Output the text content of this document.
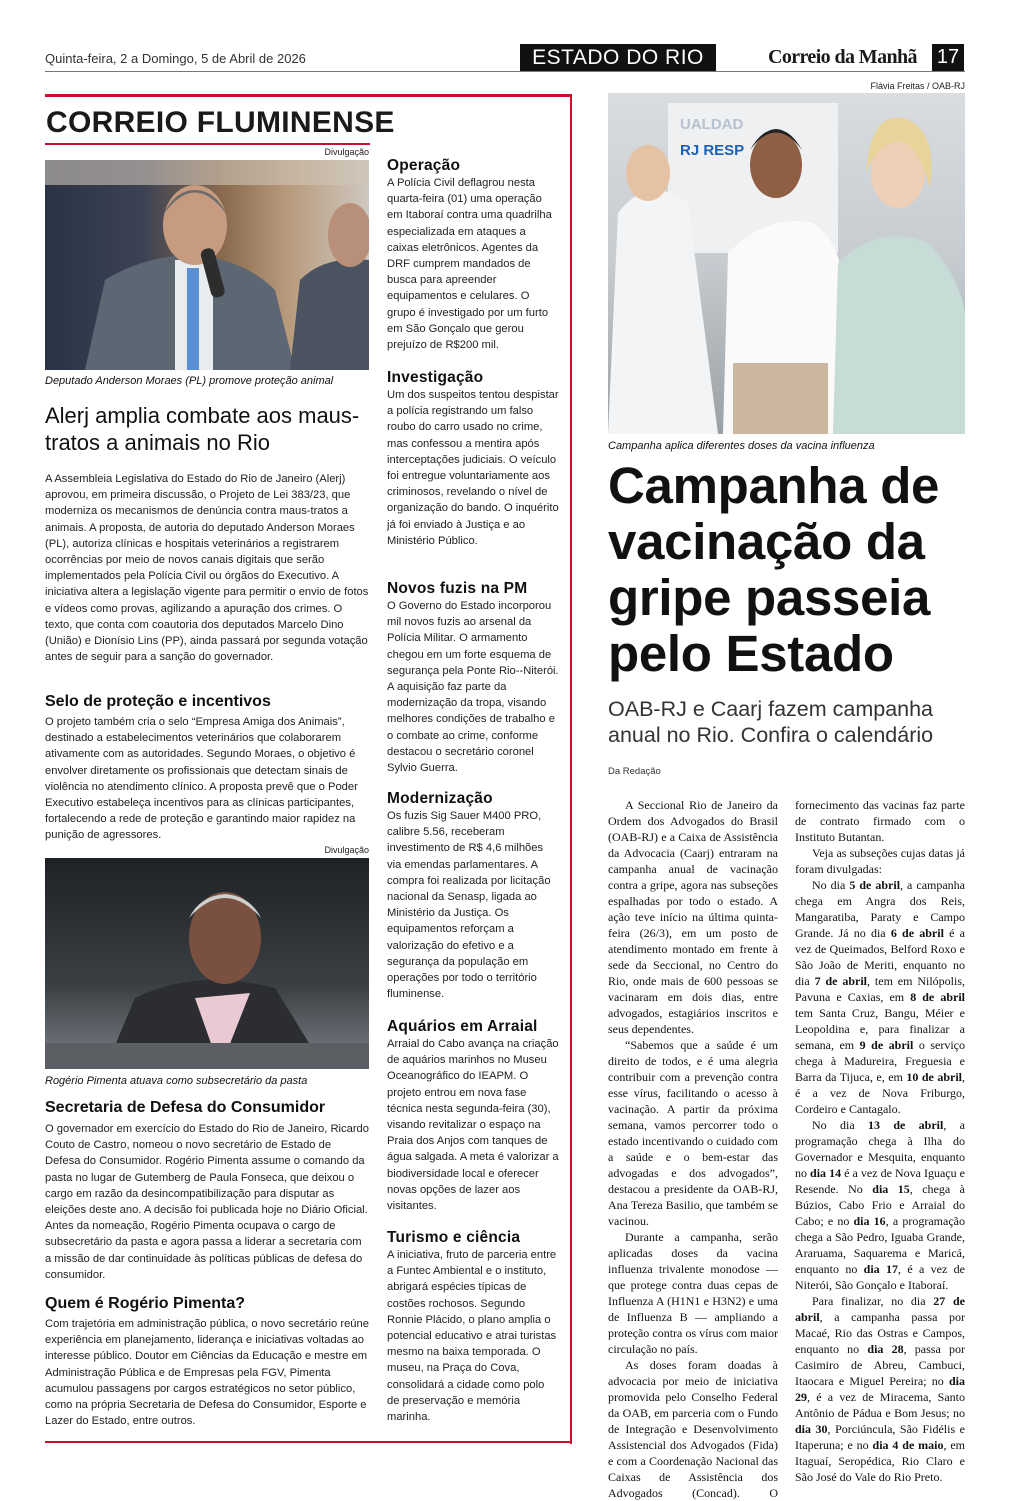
Quinta-feira, 2 a Domingo, 5 de Abril de 2026	ESTADO DO RIO	Correio da Manhã 17
CORREIO FLUMINENSE
Divulgação
Deputado Anderson Moraes (PL) promove proteção animal
Alerj amplia combate aos maus-tratos a animais no Rio

A Assembleia Legislativa do Estado do Rio de Janeiro (Alerj) aprovou, em primeira discussão, o Projeto de Lei 383/23, que moderniza os mecanismos de denúncia contra maus-tratos a animais. A proposta, de autoria do deputado Anderson Moraes (PL), autoriza clínicas e hospitais veterinários a registrarem ocorrências por meio de novos canais digitais que serão implementados pela Polícia Civil ou órgãos do Executivo. A iniciativa altera a legislação vigente para permitir o envio de fotos e vídeos como provas, agilizando a apuração dos crimes. O texto, que conta com coautoria dos deputados Marcelo Dino (União) e Dionísio Lins (PP), ainda passará por segunda votação antes de seguir para a sanção do governador.

Selo de proteção e incentivos

O projeto também cria o selo “Empresa Amiga dos Animais”, destinado a estabelecimentos veterinários que colaborarem ativamente com as autoridades. Segundo Moraes, o objetivo é envolver diretamente os profissionais que detectam sinais de violência no atendimento clínico. A proposta prevê que o Poder Executivo estabeleça incentivos para as clínicas participantes, fortalecendo a rede de proteção e garantindo maior rapidez na punição de agressores.

Divulgação
Rogério Pimenta atuava como subsecretário da pasta
Secretaria de Defesa do Consumidor

O governador em exercício do Estado do Rio de Janeiro, Ricardo Couto de Castro, nomeou o novo secretário de Estado de Defesa do Consumidor. Rogério Pimenta assume o comando da pasta no lugar de Gutemberg de Paula Fonseca, que deixou o cargo em razão da desincompatibilização para disputar as eleições deste ano. A decisão foi publicada hoje no Diário Oficial. Antes da nomeação, Rogério Pimenta ocupava o cargo de subsecretário da pasta e agora passa a liderar a secretaria com a missão de dar continuidade às políticas públicas de defesa do consumidor.

Quem é Rogério Pimenta?

Com trajetória em administração pública, o novo secretário reúne experiência em planejamento, liderança e iniciativas voltadas ao interesse público. Doutor em Ciências da Educação e mestre em Administração Pública e de Empresas pela FGV, Pimenta acumulou passagens por cargos estratégicos no setor público, como na própria Secretaria de Defesa do Consumidor, Esporte e Lazer do Estado, entre outros.

Operação

A Polícia Civil deflagrou nesta quarta-feira (01) uma operação em Itaboraí contra uma quadrilha especializada em ataques a caixas eletrônicos. Agentes da DRF cumprem mandados de busca para apreender equipamentos e celulares. O grupo é investigado por um furto em São Gonçalo que gerou prejuízo de R$200 mil.

Investigação

Um dos suspeitos tentou despistar a polícia registrando um falso roubo do carro usado no crime, mas confessou a mentira após interceptações judiciais. O veículo foi entregue voluntariamente aos criminosos, revelando o nível de organização do bando. O inquérito já foi enviado à Justiça e ao Ministério Público.

Novos fuzis na PM

O Governo do Estado incorporou mil novos fuzis ao arsenal da Polícia Militar. O armamento chegou em um forte esquema de segurança pela Ponte Rio--Niterói. A aquisição faz parte da modernização da tropa, visando melhores condições de trabalho e o combate ao crime, conforme destacou o secretário coronel Sylvio Guerra.

Modernização

Os fuzis Sig Sauer M400 PRO, calibre 5.56, receberam investimento de R$ 4,6 milhões via emendas parlamentares. A compra foi realizada por licitação nacional da Senasp, ligada ao Ministério da Justiça. Os equipamentos reforçam a valorização do efetivo e a segurança da população em operações por todo o território fluminense.

Aquários em Arraial

Arraial do Cabo avança na criação de aquários marinhos no Museu Oceanográfico do IEAPM. O projeto entrou em nova fase técnica nesta segunda-feira (30), visando revitalizar o espaço na Praia dos Anjos com tanques de água salgada. A meta é valorizar a biodiversidade local e oferecer novas opções de lazer aos visitantes.

Turismo e ciência

A iniciativa, fruto de parceria entre a Funtec Ambiental e o instituto, abrigará espécies típicas de costões rochosos. Segundo Ronnie Plácido, o plano amplia o potencial educativo e atrai turistas mesmo na baixa temporada. O museu, na Praça do Cova, consolidará a cidade como polo de preservação e memória marinha.

Flávia Freitas / OAB-RJ
UALDAD
RJ RESP
Campanha aplica diferentes doses da vacina influenza
Campanha de
vacinação da
gripe passeia
pelo Estado
OAB-RJ e Caarj fazem campanha
anual no Rio. Confira o calendário
Da Redação

A Seccional Rio de Janeiro da Ordem dos Advogados do Brasil (OAB-RJ) e a Caixa de Assistência da Advocacia (Caarj) entraram na campanha anual de vacinação contra a gripe, agora nas subseções espalhadas por todo o estado. A ação teve início na última quinta-feira (26/3), em um posto de atendimento montado em frente à sede da Seccional, no Centro do Rio, onde mais de 600 pessoas se vacinaram em dois dias, entre advogados, estagiários inscritos e seus dependentes.

“Sabemos que a saúde é um direito de todos, e é uma alegria contribuir com a prevenção contra esse vírus, facilitando o acesso à vacinação. A partir da próxima semana, vamos percorrer todo o estado incentivando o cuidado com a saúde e o bem-estar das advogadas e dos advogados”, destacou a presidente da OAB-RJ, Ana Tereza Basilio, que também se vacinou.

Durante a campanha, serão aplicadas doses da vacina influenza trivalente monodose — que protege contra duas cepas de Influenza A (H1N1 e H3N2) e uma de Influenza B — ampliando a proteção contra os vírus com maior circulação no país.

As doses foram doadas à advocacia por meio de iniciativa promovida pelo Conselho Federal da OAB, em parceria com o Fundo de Integração e Desenvolvimento Assistencial dos Advogados (Fida) e com a Coordenação Nacional das Caixas de Assistência dos Advogados (Concad). O fornecimento das vacinas faz parte de contrato firmado com o Instituto Butantan.

Veja as subseções cujas datas já foram divulgadas:

No dia 5 de abril, a campanha chega em Angra dos Reis, Mangaratiba, Paraty e Campo Grande. Já no dia 6 de abril é a vez de Queimados, Belford Roxo e São João de Meriti, enquanto no dia 7 de abril, tem em Nilópolis, Pavuna e Caxias, em 8 de abril tem Santa Cruz, Bangu, Méier e Leopoldina e, para finalizar a semana, em 9 de abril o serviço chega à Madureira, Freguesia e Barra da Tijuca, e, em 10 de abril, é a vez de Nova Friburgo, Cordeiro e Cantagalo.

No dia 13 de abril, a programação chega à Ilha do Governador e Mesquita, enquanto no dia 14 é a vez de Nova Iguaçu e Resende. No dia 15, chega à Búzios, Cabo Frio e Arraial do Cabo; e no dia 16, a programação chega a São Pedro, Iguaba Grande, Araruama, Saquarema e Maricá, enquanto no dia 17, é a vez de Niterói, São Gonçalo e Itaboraí.

Para finalizar, no dia 27 de abril, a campanha passa por Macaé, Rio das Ostras e Campos, enquanto no dia 28, passa por Casimiro de Abreu, Cambuci, Itaocara e Miguel Pereira; no dia 29, é a vez de Miracema, Santo Antônio de Pádua e Bom Jesus; no dia 30, Porciúncula, São Fidélis e Itaperuna; e no dia 4 de maio, em Itaguaí, Seropédica, Rio Claro e São José do Vale do Rio Preto.
